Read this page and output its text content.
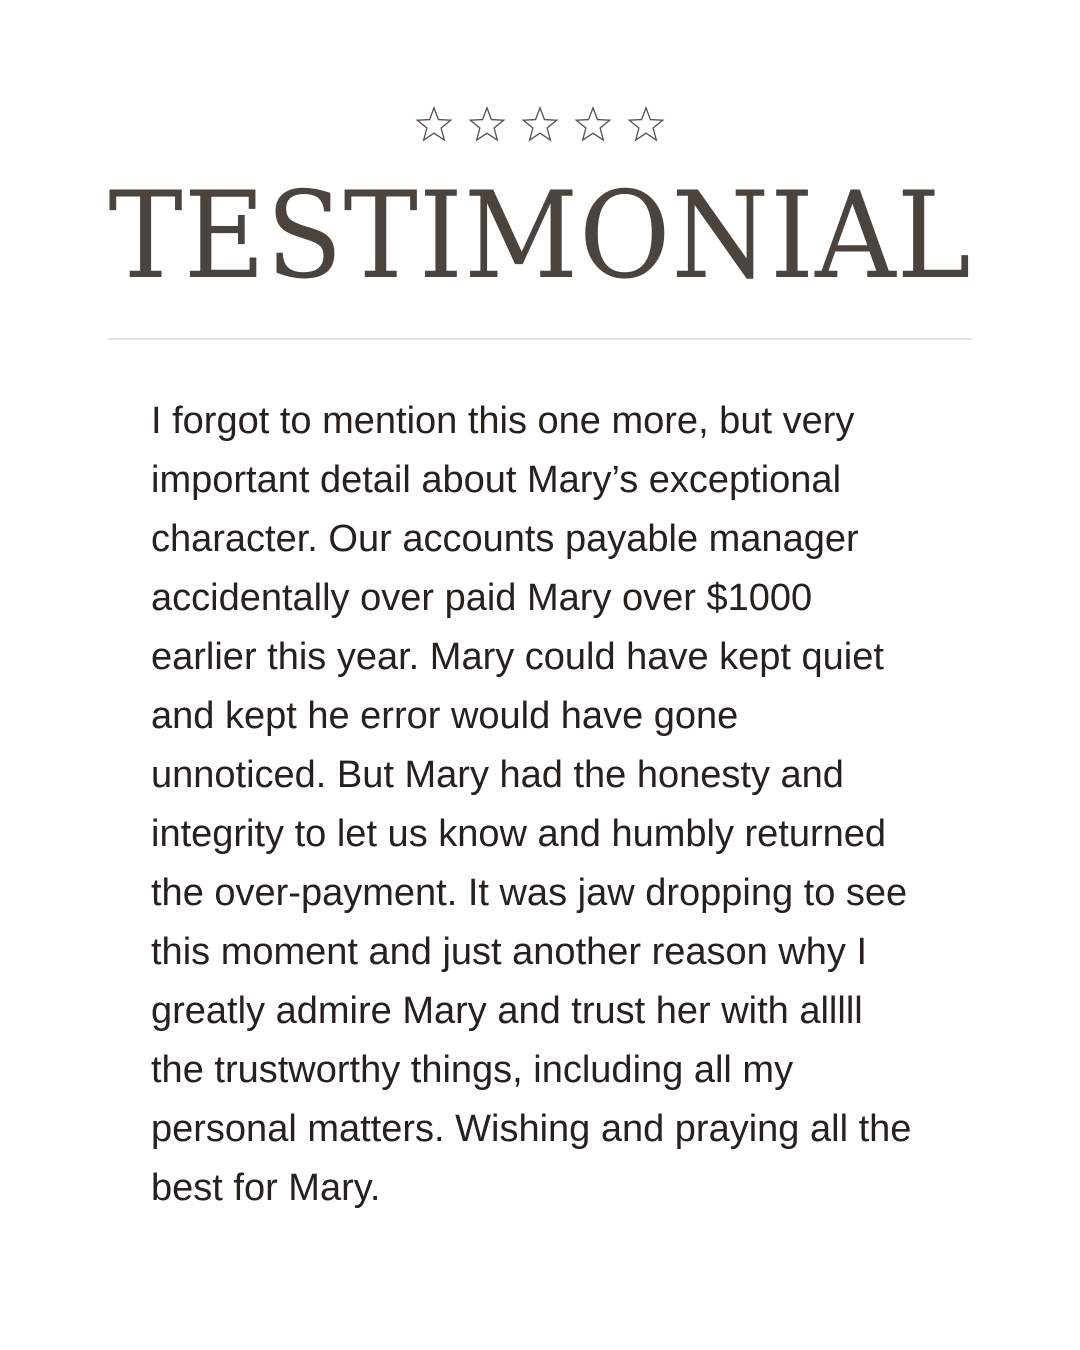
TESTIMONIAL

I forgot to mention this one more, but very
important detail about Mary’s exceptional
character. Our accounts payable manager
accidentally over paid Mary over $1000
earlier this year. Mary could have kept quiet
and kept he error would have gone
unnoticed. But Mary had the honesty and
integrity to let us know and humbly returned
the over-payment. It was jaw dropping to see
this moment and just another reason why I
greatly admire Mary and trust her with alllll
the trustworthy things, including all my
personal matters. Wishing and praying all the
best for Mary.
